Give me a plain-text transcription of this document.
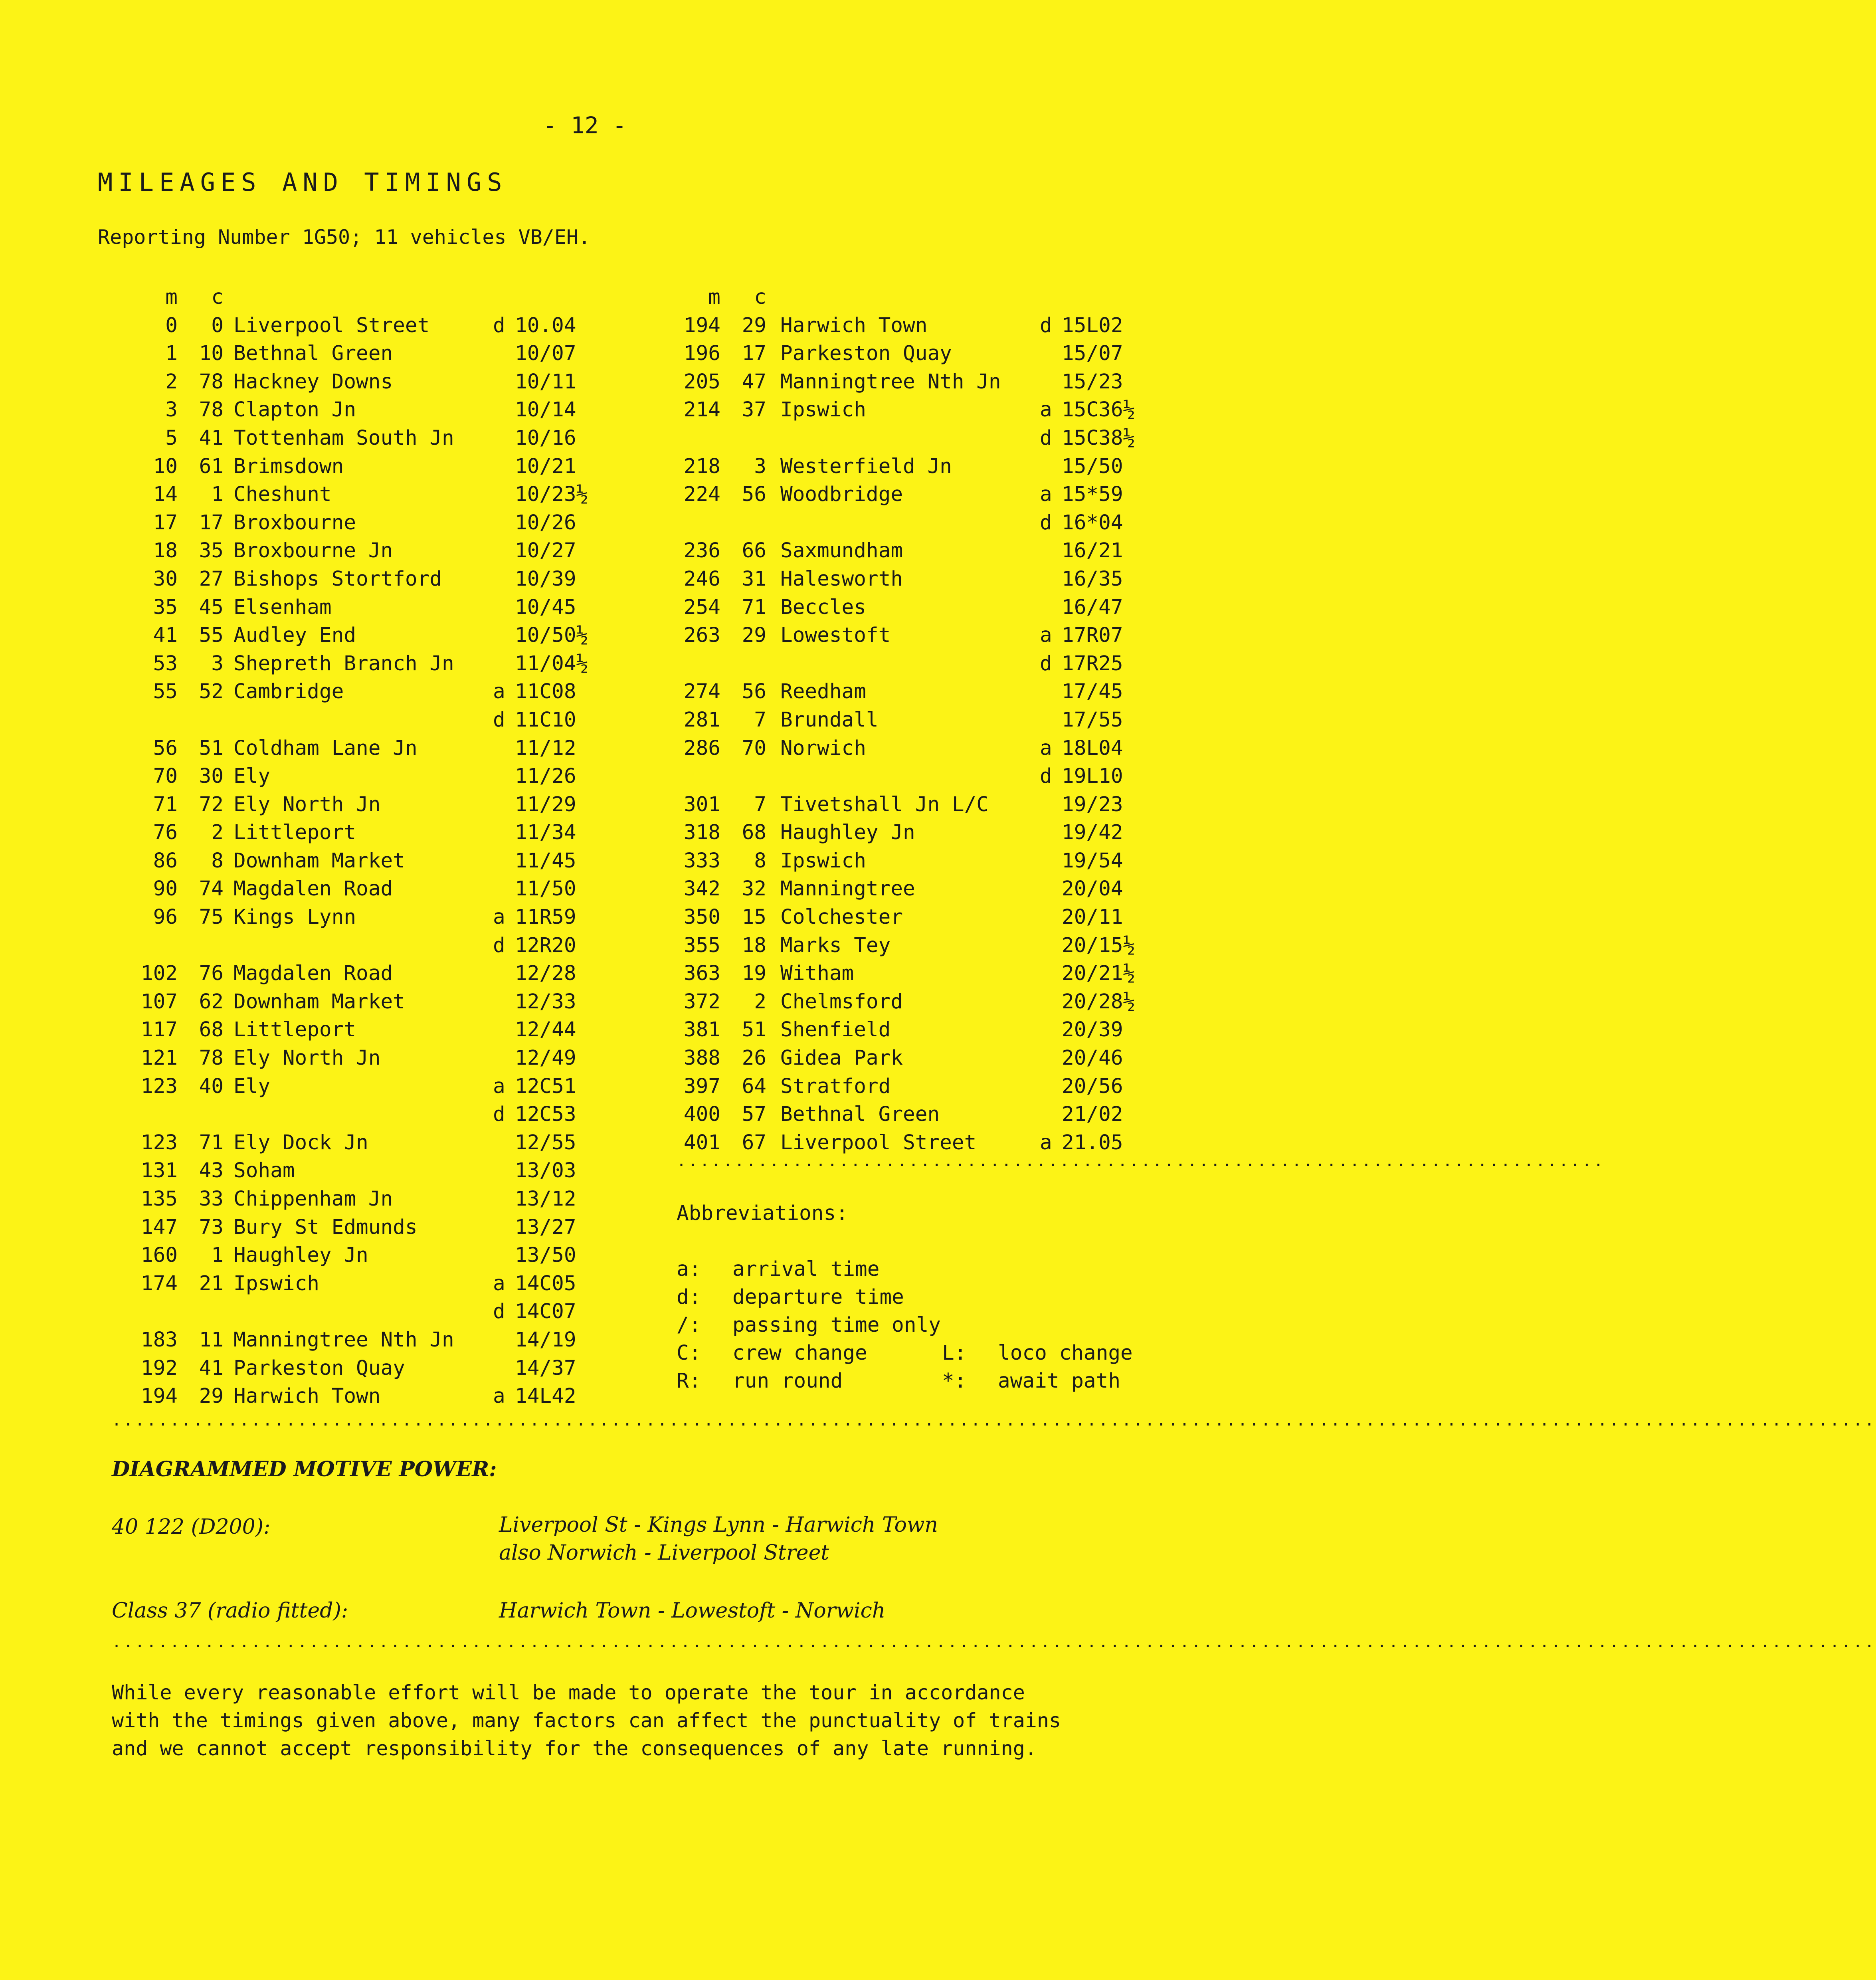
- 12 -
MILEAGES AND TIMINGS
Reporting Number 1G50; 11 vehicles VB/EH.

m

	c

0	0 Liverpool Street	d 10.04
1	10 Bethnal Green	10/07
2	78 Hackney Downs	10/11
3	78 Clapton Jn	10/14
5	41 Tottenham South Jn	10/16
10	61 Brimsdown	10/21
14	1 Cheshunt	10/23½
17	17 Broxbourne	10/26
18	35 Broxbourne Jn	10/27
30	27 Bishops Stortford	10/39
35	45 Elsenham	10/45
41	55 Audley End	10/50½
53	3 Shepreth Branch Jn	11/04½
55	52 Cambridge	a 11C08
d 11C10
56	51 Coldham Lane Jn	11/12
70	30 Ely	11/26
71	72 Ely North Jn	11/29
76	2 Littleport	11/34
86	8 Downham Market	11/45
90	74 Magdalen Road	11/50
96	75 Kings Lynn	a 11R59
d 12R20
102	76 Magdalen Road	12/28
107	62 Downham Market	12/33
117	68 Littleport	12/44
121	78 Ely North Jn	12/49
123	40 Ely	a 12C51
d 12C53
123	71 Ely Dock Jn	12/55
131	43 Soham	13/03
135	33 Chippenham Jn	13/12
147	73 Bury St Edmunds	13/27
160	1 Haughley Jn	13/50
174	21 Ipswich	a 14C05
d 14C07
183	11 Manningtree Nth Jn	14/19
192	41 Parkeston Quay	14/37
194	29 Harwich Town	a 14L42

m

	c

194	29 Harwich Town	d 15L02
196	17 Parkeston Quay	15/07
205	47 Manningtree Nth Jn	15/23
214	37 Ipswich	a 15C36½
d 15C38½
218	3 Westerfield Jn	15/50
224	56 Woodbridge	a 15*59
d 16*04
236	66 Saxmundham	16/21
246	31 Halesworth	16/35
254	71 Beccles	16/47
263	29 Lowestoft	a 17R07
d 17R25
274	56 Reedham	17/45
281	7 Brundall	17/55
286	70 Norwich	a 18L04
d 19L10
301	7 Tivetshall Jn L/C	19/23
318	68 Haughley Jn	19/42
333	8 Ipswich	19/54
342	32 Manningtree	20/04
350	15 Colchester	20/11
355	18 Marks Tey	20/15½
363	19 Witham	20/21½
372	2 Chelmsford	20/28½
381	51 Shenfield	20/39
388	26 Gidea Park	20/46
397	64 Stratford	20/56
400	57 Bethnal Green	21/02
401	67 Liverpool Street	a 21.05
................................................................................
Abbreviations:
a: arrival time
d: departure time
/: passing time only
C: crew change
R: run round
L: loco change
*: await path
........................................................................................................................................................
DIAGRAMMED MOTIVE POWER:
40 122 (D200):	Liverpool St - Kings Lynn - Harwich Town
also Norwich - Liverpool Street
Class 37 (radio fitted):	Harwich Town - Lowestoft - Norwich
........................................................................................................................................................
While every reasonable effort will be made to operate the tour in accordance
with the timings given above, many factors can affect the punctuality of trains
and we cannot accept responsibility for the consequences of any late running.
